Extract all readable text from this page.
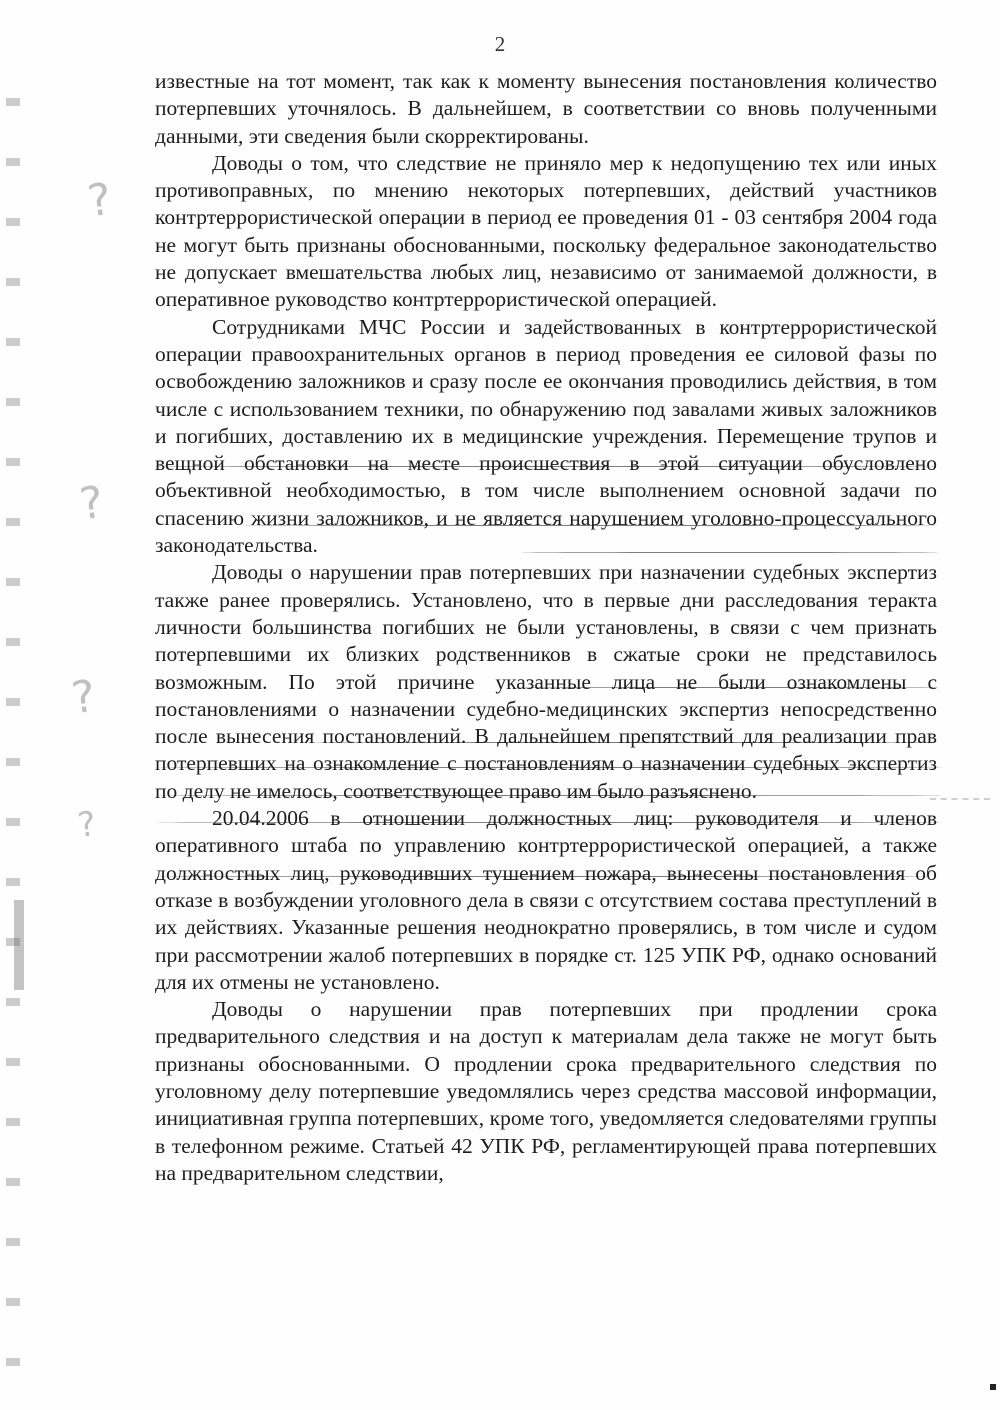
2
?
?
?
?

известные на тот момент, так как к моменту вынесения постановления количество потерпевших уточнялось. В дальнейшем, в соответствии со вновь полученными данными, эти сведения были скорректированы.

Доводы о том, что следствие не приняло мер к недопущению тех или иных противоправных, по мнению некоторых потерпевших, действий участников контртеррористической операции в период ее проведения 01 - 03 сентября 2004 года не могут быть признаны обоснованными, поскольку федеральное законодательство не допускает вмешательства любых лиц, независимо от занимаемой должности, в оперативное руководство контртеррористической операцией.

Сотрудниками МЧС России и задействованных в контртеррористической операции правоохранительных органов в период проведения ее силовой фазы по освобождению заложников и сразу после ее окончания проводились действия, в том числе с использованием техники, по обнаружению под завалами живых заложников и погибших, доставлению их в медицинские учреждения. Перемещение трупов и вещной обстановки на месте происшествия в этой ситуации обусловлено объективной необходимостью, в том числе выполнением основной задачи по спасению жизни заложников, и не является нарушением уголовно-процессуального законодательства.

Доводы о нарушении прав потерпевших при назначении судебных экспертиз также ранее проверялись. Установлено, что в первые дни расследования теракта личности большинства погибших не были установлены, в связи с чем признать потерпевшими их близких родственников в сжатые сроки не представилось возможным. По этой причине указанные лица не были ознакомлены с постановлениями о назначении судебно-медицинских экспертиз непосредственно после вынесения постановлений. В дальнейшем препятствий для реализации прав потерпевших на ознакомление с постановлениям о назначении судебных экспертиз по делу не имелось, соответствующее право им было разъяснено.

20.04.2006 в отношении должностных лиц: руководителя и членов оперативного штаба по управлению контртеррористической операцией, а также должностных лиц, руководивших тушением пожара, вынесены постановления об отказе в возбуждении уголовного дела в связи с отсутствием состава преступлений в их действиях. Указанные решения неоднократно проверялись, в том числе и судом при рассмотрении жалоб потерпевших в порядке ст. 125 УПК РФ, однако оснований для их отмены не установлено.

Доводы о нарушении прав потерпевших при продлении срока предварительного следствия и на доступ к материалам дела также не могут быть признаны обоснованными. О продлении срока предварительного следствия по уголовному делу потерпевшие уведомлялись через средства массовой информации, инициативная группа потерпевших, кроме того, уведомляется следователями группы в телефонном режиме. Статьей 42 УПК РФ, регламентирующей права потерпевших на предварительном следствии,
